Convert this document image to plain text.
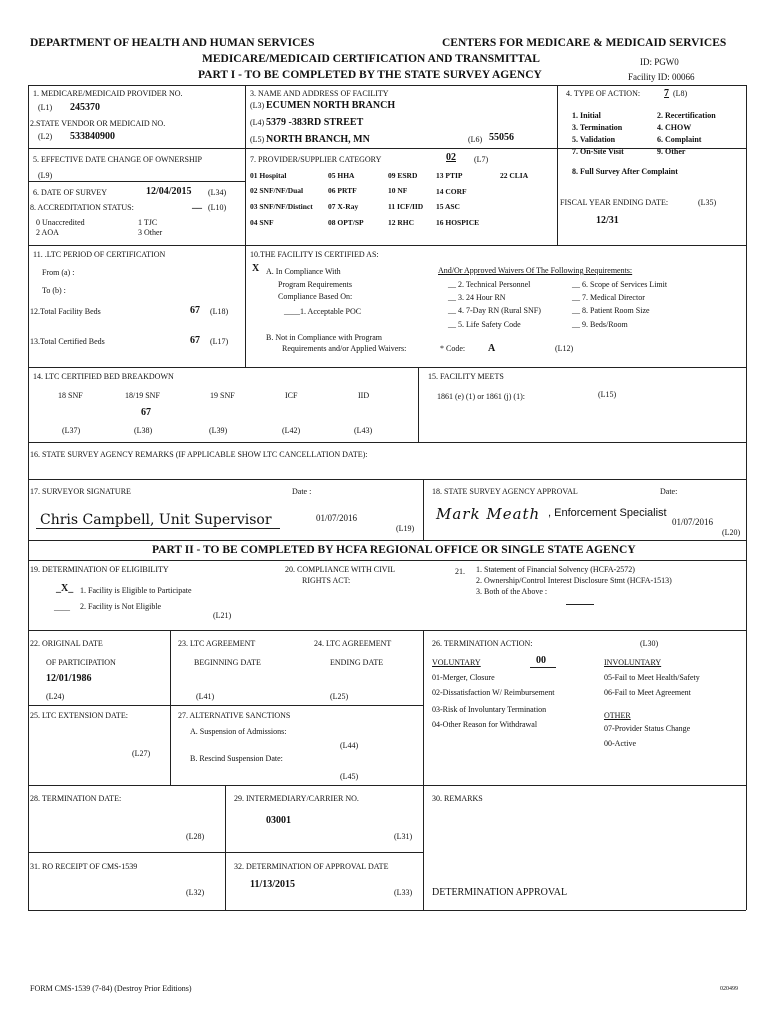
DEPARTMENT OF HEALTH AND HUMAN SERVICES	CENTERS FOR MEDICARE & MEDICAID SERVICES
MEDICARE/MEDICAID CERTIFICATION AND TRANSMITTAL
PART I - TO BE COMPLETED BY THE STATE SURVEY AGENCY
ID: PGW0
Facility ID: 00066
1. MEDICARE/MEDICAID PROVIDER NO.
(L1) 245370
2.STATE VENDOR OR MEDICAID NO.
(L2) 533840900
3. NAME AND ADDRESS OF FACILITY
(L3) ECUMEN NORTH BRANCH
(L4) 5379 -383RD STREET
(L5) NORTH BRANCH, MN	(L6) 55056
4. TYPE OF ACTION: 7 (L8)
1. Initial	2. Recertification
3. Termination	4. CHOW
5. Validation	6. Complaint
7. On-Site Visit	9. Other
8. Full Survey After Complaint
5. EFFECTIVE DATE CHANGE OF OWNERSHIP
(L9)
6. DATE OF SURVEY	12/04/2015 (L34)
8. ACCREDITATION STATUS:	__ (L10)
0 Unaccredited	1 TJC
2 AOA	3 Other
7. PROVIDER/SUPPLIER CATEGORY	02 (L7)
01 Hospital	05 HHA	09 ESRD 13 PTIP	22 CLIA
02 SNF/NF/Dual	06 PRTF	10 NF	14 CORF
03 SNF/NF/Distinct 07 X-Ray	11 ICF/IID 15 ASC
04 SNF	08 OPT/SP	12 RHC	16 HOSPICE
FISCAL YEAR ENDING DATE:	(L35)
12/31
11. .LTC PERIOD OF CERTIFICATION
From (a) :
To (b) :
12.Total Facility Beds	67 (L18)
13.Total Certified Beds	67 (L17)
10.THE FACILITY IS CERTIFIED AS:
X A. In Compliance With
Program Requirements
Compliance Based On:
____1. Acceptable POC
B. Not in Compliance with Program
Requirements and/or Applied Waivers:	* Code: A	(L12)
And/Or Approved Waivers Of The Following Requirements:
__ 2. Technical Personnel
__ 3. 24 Hour RN
__ 4. 7-Day RN (Rural SNF)
__ 5. Life Safety Code
__ 6. Scope of Services Limit
__ 7. Medical Director
__ 8. Patient Room Size
__ 9. Beds/Room
14. LTC CERTIFIED BED BREAKDOWN
18 SNF	18/19 SNF	19 SNF	ICF	IID
67
(L37)	(L38)	(L39)	(L42)	(L43)
15. FACILITY MEETS
1861 (e) (1) or 1861 (j) (1):	(L15)
16. STATE SURVEY AGENCY REMARKS (IF APPLICABLE SHOW LTC CANCELLATION DATE):
17. SURVEYOR SIGNATURE	Date :
Chris Campbell, Unit Supervisor	01/07/2016
(L19)
18. STATE SURVEY AGENCY APPROVAL	Date:
Mark Meath , Enforcement Specialist
01/07/2016
(L20)
PART II - TO BE COMPLETED BY HCFA REGIONAL OFFICE OR SINGLE STATE AGENCY
19. DETERMINATION OF ELIGIBILITY
_X_ 1. Facility is Eligible to Participate
____ 2. Facility is Not Eligible
(L21)
20. COMPLIANCE WITH CIVIL
RIGHTS ACT:
21. 1. Statement of Financial Solvency (HCFA-2572)
2. Ownership/Control Interest Disclosure Stmt (HCFA-1513)
3. Both of the Above :
22. ORIGINAL DATE
OF PARTICIPATION
12/01/1986
(L24)
23. LTC AGREEMENT
BEGINNING DATE
(L41)
24. LTC AGREEMENT
ENDING DATE
(L25)
25. LTC EXTENSION DATE:
(L27)
27. ALTERNATIVE SANCTIONS
A. Suspension of Admissions:
(L44)
B. Rescind Suspension Date:
(L45)
26. TERMINATION ACTION:	(L30)
VOLUNTARY	00	INVOLUNTARY
01-Merger, Closure
02-Dissatisfaction W/ Reimbursement
03-Risk of Involuntary Termination
04-Other Reason for Withdrawal
05-Fail to Meet Health/Safety
06-Fail to Meet Agreement
OTHER
07-Provider Status Change
00-Active
28. TERMINATION DATE:
(L28)
29. INTERMEDIARY/CARRIER NO.
03001
(L31)
30. REMARKS
31. RO RECEIPT OF CMS-1539
(L32)
32. DETERMINATION OF APPROVAL DATE
11/13/2015
(L33) DETERMINATION APPROVAL
FORM CMS-1539 (7-84) (Destroy Prior Editions)	020499
